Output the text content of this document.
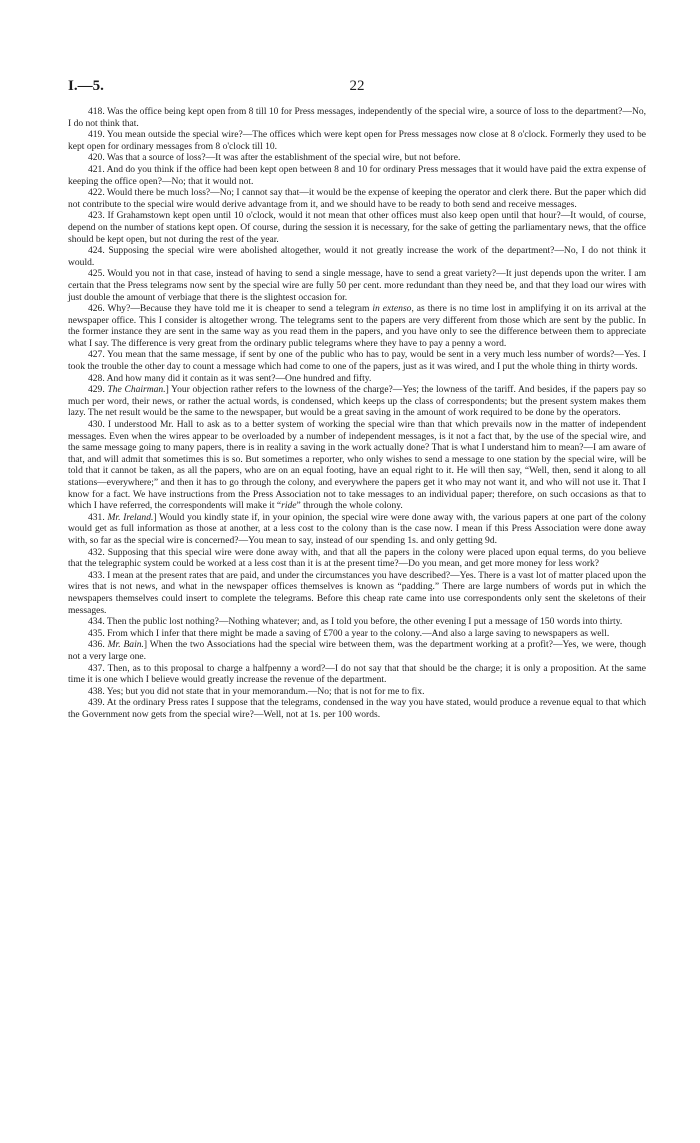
I.—5.	22

418. Was the office being kept open from 8 till 10 for Press messages, independently of the special wire, a source of loss to the department?—No, I do not think that.

419. You mean outside the special wire?—The offices which were kept open for Press messages now close at 8 o'clock. Formerly they used to be kept open for ordinary messages from 8 o'clock till 10.

420. Was that a source of loss?—It was after the establishment of the special wire, but not before.

421. And do you think if the office had been kept open between 8 and 10 for ordinary Press messages that it would have paid the extra expense of keeping the office open?—No; that it would not.

422. Would there be much loss?—No; I cannot say that—it would be the expense of keeping the operator and clerk there. But the paper which did not contribute to the special wire would derive advantage from it, and we should have to be ready to both send and receive messages.

423. If Grahamstown kept open until 10 o'clock, would it not mean that other offices must also keep open until that hour?—It would, of course, depend on the number of stations kept open. Of course, during the session it is necessary, for the sake of getting the parliamentary news, that the office should be kept open, but not during the rest of the year.

424. Supposing the special wire were abolished altogether, would it not greatly increase the work of the department?—No, I do not think it would.

425. Would you not in that case, instead of having to send a single message, have to send a great variety?—It just depends upon the writer. I am certain that the Press telegrams now sent by the special wire are fully 50 per cent. more redundant than they need be, and that they load our wires with just double the amount of verbiage that there is the slightest occasion for.

426. Why?—Because they have told me it is cheaper to send a telegram in extenso, as there is no time lost in amplifying it on its arrival at the newspaper office. This I consider is altogether wrong. The telegrams sent to the papers are very different from those which are sent by the public. In the former instance they are sent in the same way as you read them in the papers, and you have only to see the difference between them to appreciate what I say. The difference is very great from the ordinary public telegrams where they have to pay a penny a word.

427. You mean that the same message, if sent by one of the public who has to pay, would be sent in a very much less number of words?—Yes. I took the trouble the other day to count a message which had come to one of the papers, just as it was wired, and I put the whole thing in thirty words.

428. And how many did it contain as it was sent?—One hundred and fifty.

429. The Chairman.] Your objection rather refers to the lowness of the charge?—Yes; the lowness of the tariff. And besides, if the papers pay so much per word, their news, or rather the actual words, is condensed, which keeps up the class of correspondents; but the present system makes them lazy. The net result would be the same to the newspaper, but would be a great saving in the amount of work required to be done by the operators.

430. I understood Mr. Hall to ask as to a better system of working the special wire than that which prevails now in the matter of independent messages. Even when the wires appear to be overloaded by a number of independent messages, is it not a fact that, by the use of the special wire, and the same message going to many papers, there is in reality a saving in the work actually done? That is what I understand him to mean?—I am aware of that, and will admit that sometimes this is so. But sometimes a reporter, who only wishes to send a message to one station by the special wire, will be told that it cannot be taken, as all the papers, who are on an equal footing, have an equal right to it. He will then say, “Well, then, send it along to all stations—everywhere;” and then it has to go through the colony, and everywhere the papers get it who may not want it, and who will not use it. That I know for a fact. We have instructions from the Press Association not to take messages to an individual paper; therefore, on such occasions as that to which I have referred, the correspondents will make it “ride” through the whole colony.

431. Mr. Ireland.] Would you kindly state if, in your opinion, the special wire were done away with, the various papers at one part of the colony would get as full information as those at another, at a less cost to the colony than is the case now. I mean if this Press Association were done away with, so far as the special wire is concerned?—You mean to say, instead of our spending 1s. and only getting 9d.

432. Supposing that this special wire were done away with, and that all the papers in the colony were placed upon equal terms, do you believe that the telegraphic system could be worked at a less cost than it is at the present time?—Do you mean, and get more money for less work?

433. I mean at the present rates that are paid, and under the circumstances you have described?—Yes. There is a vast lot of matter placed upon the wires that is not news, and what in the newspaper offices themselves is known as “padding.” There are large numbers of words put in which the newspapers themselves could insert to complete the telegrams. Before this cheap rate came into use correspondents only sent the skeletons of their messages.

434. Then the public lost nothing?—Nothing whatever; and, as I told you before, the other evening I put a message of 150 words into thirty.

435. From which I infer that there might be made a saving of £700 a year to the colony.—And also a large saving to newspapers as well.

436. Mr. Bain.] When the two Associations had the special wire between them, was the department working at a profit?—Yes, we were, though not a very large one.

437. Then, as to this proposal to charge a halfpenny a word?—I do not say that that should be the charge; it is only a proposition. At the same time it is one which I believe would greatly increase the revenue of the department.

438. Yes; but you did not state that in your memorandum.—No; that is not for me to fix.

439. At the ordinary Press rates I suppose that the telegrams, condensed in the way you have stated, would produce a revenue equal to that which the Government now gets from the special wire?—Well, not at 1s. per 100 words.
